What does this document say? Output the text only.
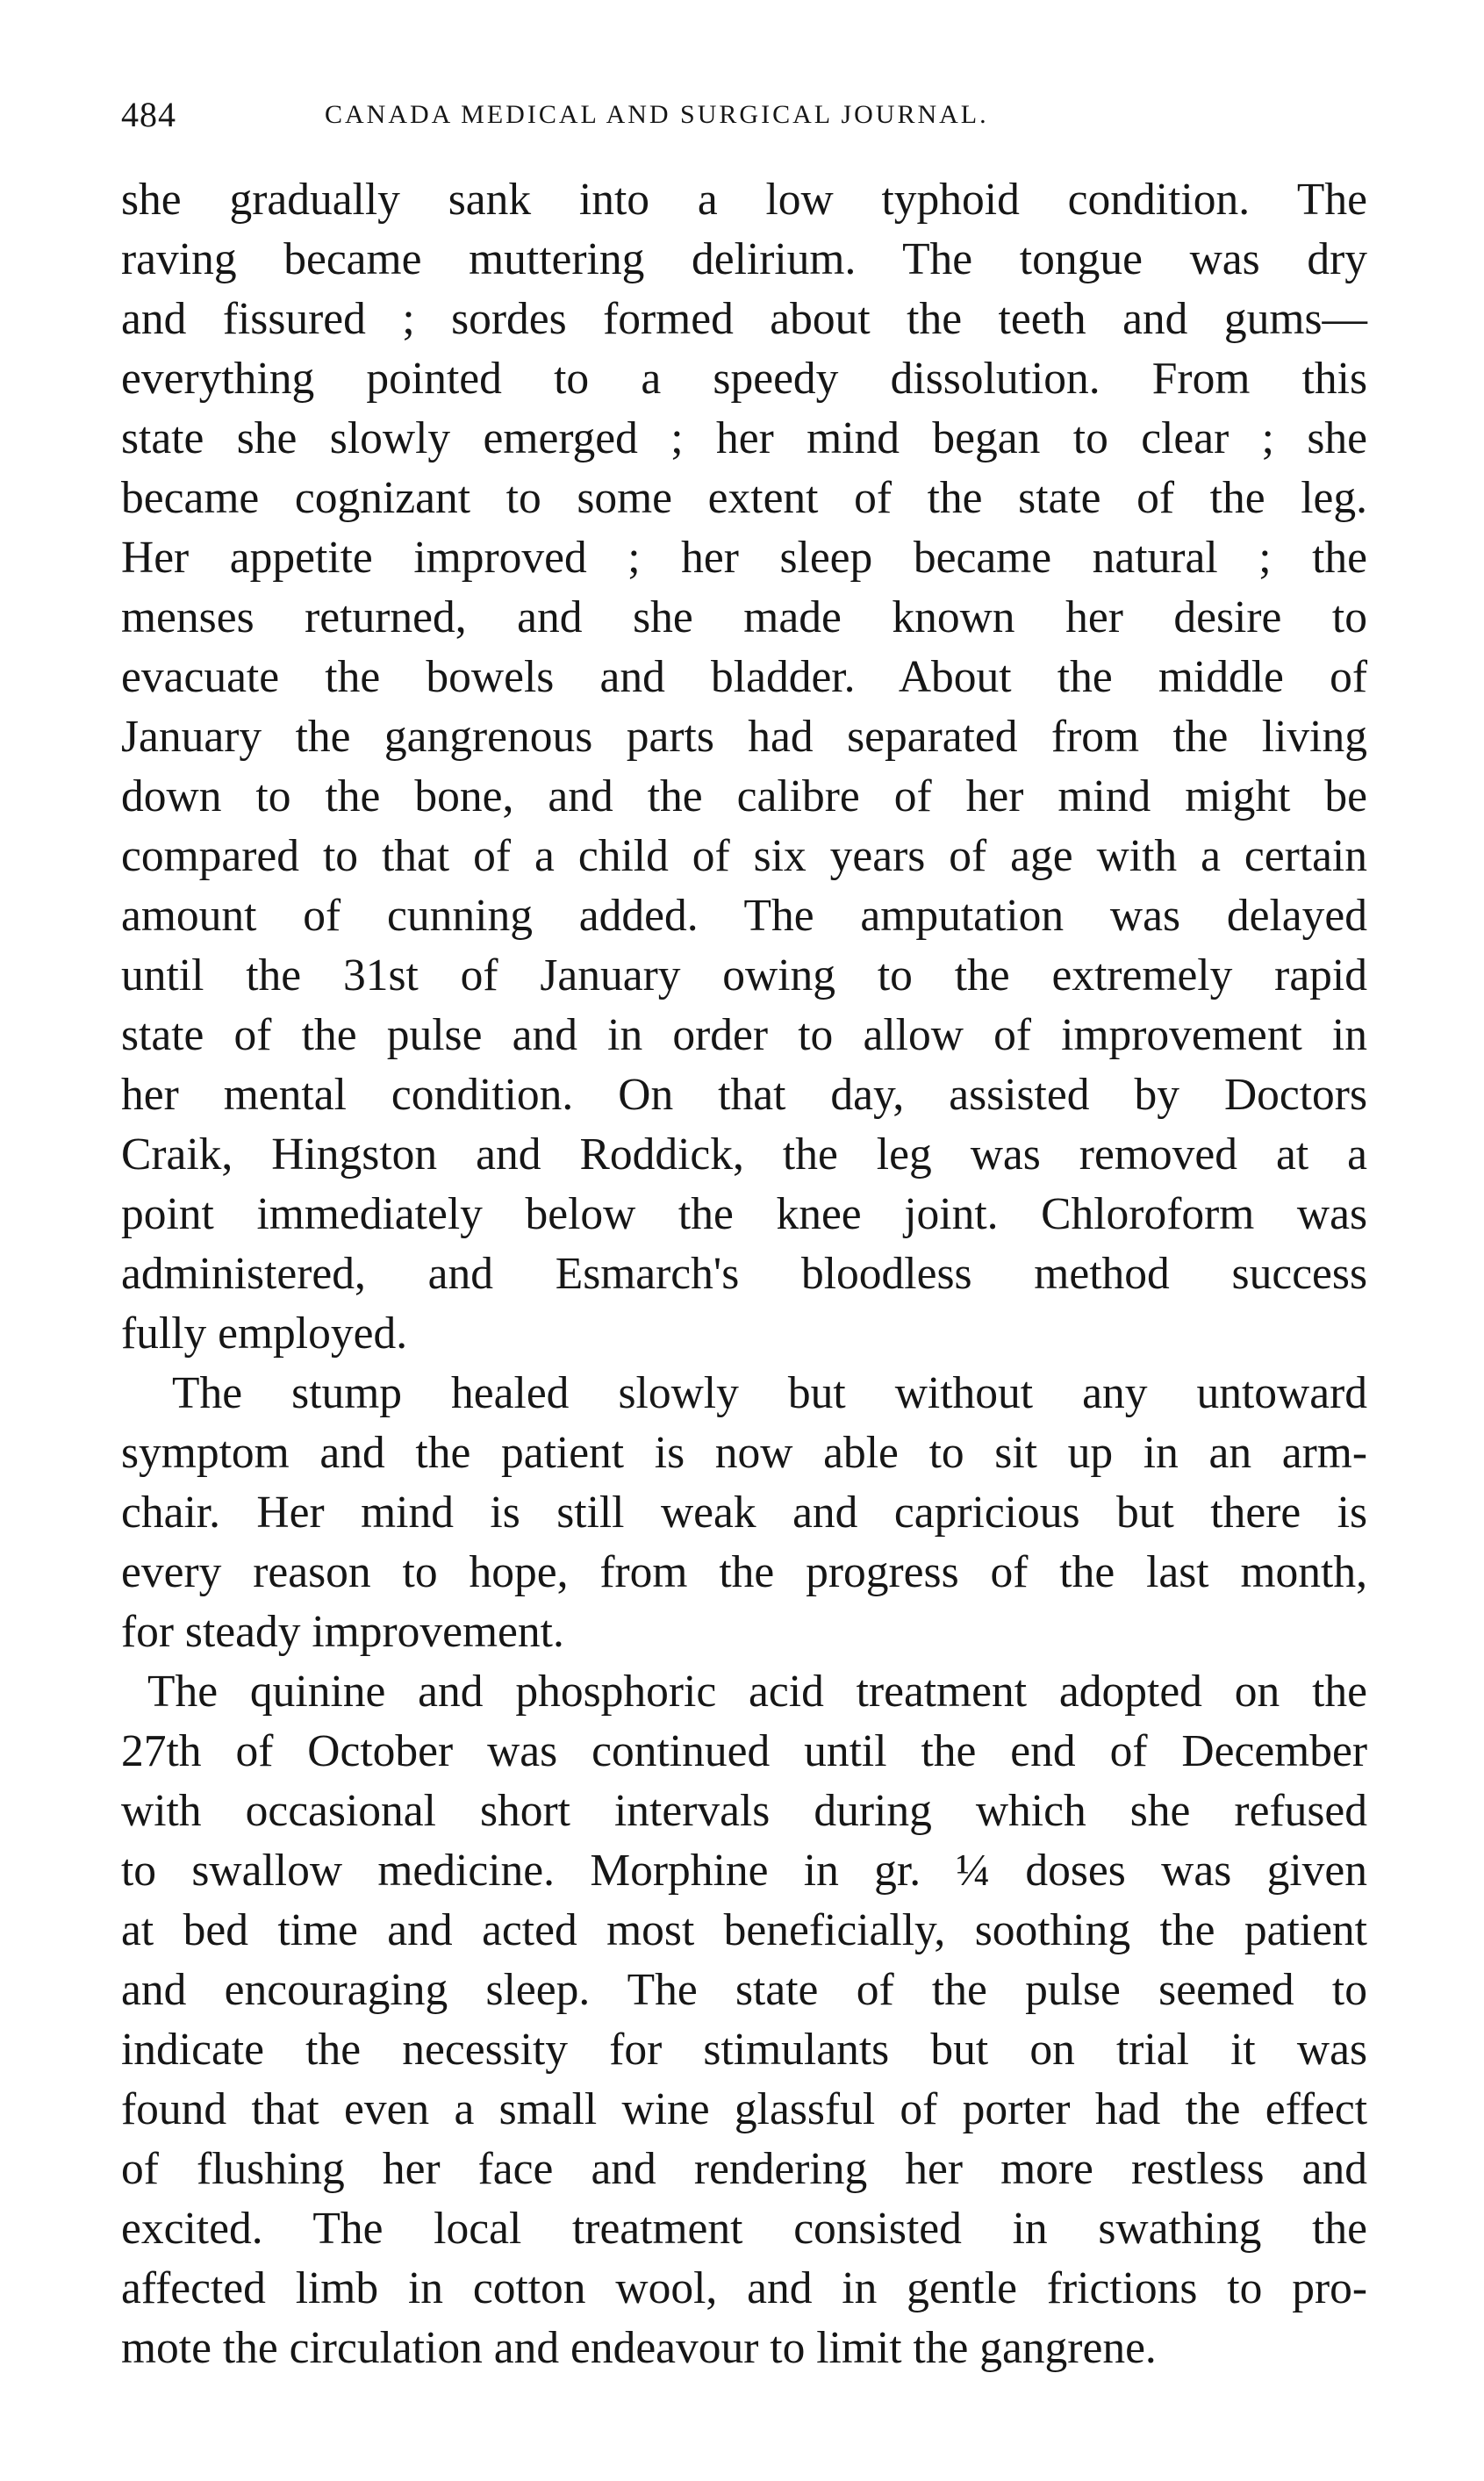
484	CANADA MEDICAL AND SURGICAL JOURNAL.

she gradually sank into a low typhoid condition. The
raving became muttering delirium. The tongue was dry
and fissured ; sordes formed about the teeth and gums—
everything pointed to a speedy dissolution. From this
state she slowly emerged ; her mind began to clear ; she
became cognizant to some extent of the state of the leg.
Her appetite improved ; her sleep became natural ; the
menses returned, and she made known her desire to
evacuate the bowels and bladder. About the middle of
January the gangrenous parts had separated from the living
down to the bone, and the calibre of her mind might be
compared to that of a child of six years of age with a certain
amount of cunning added. The amputation was delayed
until the 31st of January owing to the extremely rapid
state of the pulse and in order to allow of improvement in
her mental condition. On that day, assisted by Doctors
Craik, Hingston and Roddick, the leg was removed at a
point immediately below the knee joint. Chloroform was
administered, and Esmarch's bloodless method success
fully employed.

The stump healed slowly but without any untoward
symptom and the patient is now able to sit up in an arm-
chair. Her mind is still weak and capricious but there is
every reason to hope, from the progress of the last month,
for steady improvement.

The quinine and phosphoric acid treatment adopted on the
27th of October was continued until the end of December
with occasional short intervals during which she refused
to swallow medicine. Morphine in gr. ¼ doses was given
at bed time and acted most beneficially, soothing the patient
and encouraging sleep. The state of the pulse seemed to
indicate the necessity for stimulants but on trial it was
found that even a small wine glassful of porter had the effect
of flushing her face and rendering her more restless and
excited. The local treatment consisted in swathing the
affected limb in cotton wool, and in gentle frictions to pro-
mote the circulation and endeavour to limit the gangrene.
